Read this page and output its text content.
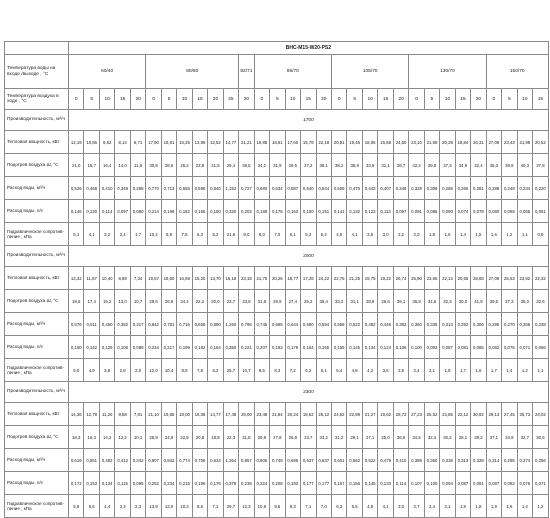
	ВНС-М15-W20-PS2																															
Температура воды на входе /выходе , °С	60/40					80/60						82/71	95/70					105/70					130/70					150/70				
Температура воздуха в ходе , °С	0	5	10	15	20	0	5	10	15	20	25	20	0	5	10	15	20	0	5	10	15	20	0	5	10	15	20	0	5	10	15	
Производительность, м³/ч	1700																															
Тепловая мощность, кВт	12,19	10,86	9,52	8,14	6,71	17,90	16,61	15,25	13,89	12,52	14,77	21,21	19,88	18,51	17,60	15,78	22,18	20,81	19,45	18,06	16,68	24,50	23,10	21,69	20,28	18,84	26,31	27,09	23,43	21,98	20,52	
Подогрев воздуха Δt, °С	21,0	18,7	16,4	14,0	11,5	30,8	28,6	26,2	23,9	21,5	25,4	36,5	34,2	31,9	29,5	27,2	38,1	38,2	35,8	33,5	31,1	28,7	42,2	39,8	37,3	34,9	32,4	45,3	39,6	40,3	37,8	
Расход воды, м³/ч	0,526	0,468	0,410	0,349	0,288	0,770	0,713	0,655	0,598	0,540	1,152	0,727	0,680	0,634	0,587	0,540	0,544	0,508	0,475	0,443	0,407	0,349	0,328	0,308	0,288	0,266	0,281	0,288	0,248	0,234	0,220	
Расход воды, л/с	0,146	0,130	0,114	0,097	0,080	0,214	0,198	0,182	0,166	0,150	0,320	0,202	0,189	0,176	0,163	0,150	0,151	0,141	0,132	0,123	0,113	0,097	0,091	0,086	0,080	0,074	0,078	0,080	0,069	0,065	0,061	
Гидравлическое сопротив-ление , кПа	5,1	4,1	3,2	2,4	1,7	10,2	8,8	7,5	6,3	5,2	21,6	9,0	8,0	7,0	6,1	5,2	5,2	4,6	4,1	3,5	3,0	2,2	2,0	1,8	1,6	1,4	1,5	1,6	1,2	1,1	0,9	
Производительность, м³/ч	2000																															
Тепловая мощность, кВт	13,32	11,87	10,40	8,89	7,34	19,57	18,60	16,69	15,20	13,70	16,18	23,18	21,76	20,26	18,77	17,26	24,22	22,75	21,25	19,75	18,22	26,74	25,90	23,66	22,13	20,55	28,68	27,09	25,53	23,92	22,32	
Подогрев воздуха Δt, °С	19,5	17,4	15,2	13,0	10,7	28,6	26,6	24,4	22,2	20,0	23,7	33,9	31,8	29,6	27,4	25,2	35,4	33,2	31,1	28,9	26,6	39,1	36,8	34,6	32,3	30,0	41,9	39,6	37,3	35,0	32,6	
Расход воды, м³/ч	0,576	0,511	0,450	0,382	0,317	0,842	0,781	0,716	0,655	0,590	1,260	0,796	0,745	0,695	0,644	0,590	0,594	0,558	0,522	0,482	0,446	0,382	0,360	0,335	0,313	0,292	0,306	0,295	0,270	0,256	0,238	
Расход воды, л/с	0,160	0,142	0,125	0,106	0,088	0,234	0,217	0,199	0,182	0,164	0,350	0,221	0,207	0,193	0,179	0,164	0,165	0,155	0,145	0,134	0,124	0,106	0,100	0,093	0,087	0,081	0,085	0,082	0,075	0,071	0,066	
Гидравлическое сопротив-ление , кПа	6,0	4,9	3,8	2,8	2,0	12,0	10,4	8,9	7,5	6,2	25,7	10,7	9,5	8,3	7,2	6,2	6,1	5,4	4,8	4,2	3,6	2,6	2,4	2,1	1,8	1,7	1,6	1,7	1,4	1,2	1,1	
Производительность, м³/ч	2300																															
Тепловая мощность, кВт	14,36	12,79	11,20	9,58	7,91	21,10	19,56	18,00	16,38	14,77	17,48	25,00	23,48	21,84	20,24	18,62	26,12	24,52	22,89	21,27	19,62	28,73	27,23	25,52	23,86	22,12	30,82	29,13	27,45	25,73	24,02	
Подогрев воздуха Δt, °С	18,3	16,3	14,2	12,2	10,1	26,9	24,9	22,9	20,8	18,8	22,3	31,8	29,9	27,8	25,8	23,7	33,2	31,2	29,1	27,1	25,0	36,5	34,5	32,4	30,2	28,1	39,2	37,1	34,9	32,7	30,5	
Расход воды, м³/ч	0,619	0,551	0,482	0,412	0,342	0,907	0,842	0,774	0,706	0,634	1,364	0,857	0,806	0,749	0,695	0,637	0,637	0,601	0,562	0,522	0,479	0,410	0,385	0,360	0,338	0,313	0,328	0,314	0,295	0,274	0,256	
Расход воды, л/с	0,172	0,153	0,134	0,115	0,095	0,252	0,234	0,215	0,196	0,176	0,379	0,238	0,224	0,208	0,193	0,177	0,177	0,167	0,156	0,145	0,133	0,114	0,107	0,100	0,094	0,087	0,091	0,087	0,082	0,076	0,071	
Гидравлическое сопротив-ление , кПа	6,9	5,6	4,4	3,3	2,3	13,9	12,0	10,3	8,6	7,1	29,7	12,3	10,9	9,6	8,3	7,1	7,0	6,3	5,5	4,8	4,1	3,0	2,7	2,4	2,1	1,9	1,8	1,9	1,6	1,4	1,2	
